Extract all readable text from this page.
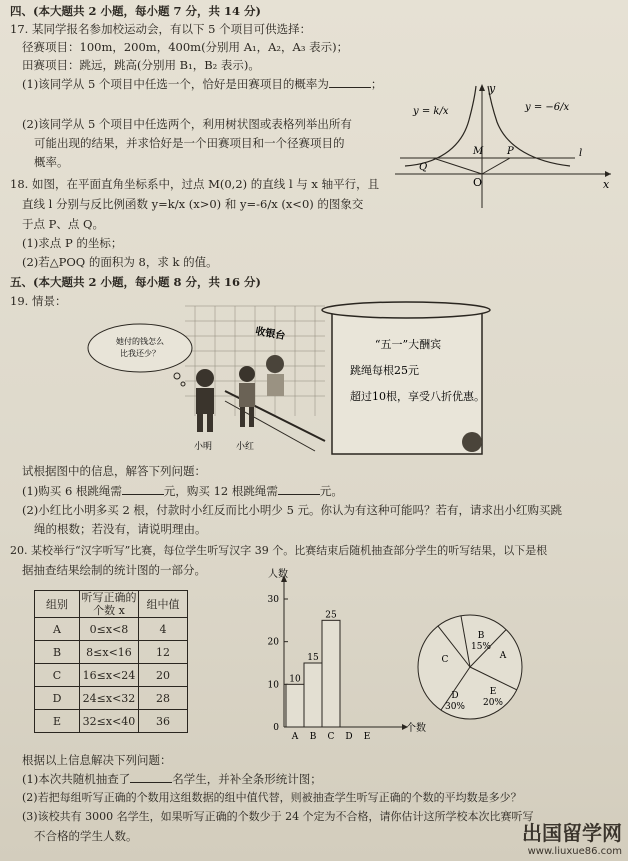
四、(本大题共 2 小题，每小题 7 分，共 14 分)
17. 某同学报名参加校运动会，有以下 5 个项目可供选择：
径赛项目：100m，200m，400m(分别用 A₁，A₂，A₃ 表示)；
田赛项目：跳远，跳高(分别用 B₁，B₂ 表示)。
(1)该同学从 5 个项目中任选一个，恰好是田赛项目的概率为	；
(2)该同学从 5 个项目中任选两个，利用树状图或表格列举出所有
可能出现的结果，并求恰好是一个田赛项目和一个径赛项目的
概率。
18. 如图，在平面直角坐标系中，过点 M(0,2) 的直线 l 与 x 轴平行，且
直线 l 分别与反比例函数 y=k/x (x>0) 和 y=-6/x (x<0) 的图象交
于点 P、点 Q。
(1)求点 P 的坐标；
(2)若△POQ 的面积为 8，求 k 的值。
y
x
O
M P
Q
l
y = k/x	y = −6/x
五、(本大题共 2 小题，每小题 8 分，共 16 分)
19. 情景：
她付的钱怎么
比我还少？
收银台
小明	小红
“五一”大酬宾
跳绳每根25元
超过10根，享受八折优惠。
试根据图中的信息，解答下列问题：
(1)购买 6 根跳绳需	元，购买 12 根跳绳需	元。
(2)小红比小明多买 2 根，付款时小红反而比小明少 5 元。你认为有这种可能吗？若有，请求出小红购买跳
绳的根数；若没有，请说明理由。
20. 某校举行“汉字听写”比赛，每位学生听写汉字 39 个。比赛结束后随机抽查部分学生的听写结果，以下是根
据抽查结果绘制的统计图的一部分。
组别	听写正确的
个数 x	组中值
A	0≤x<8	4
B	8≤x<16	12
C	16≤x<24	20
D	24≤x<32	28
E	32≤x<40	36
人数
个数
0
10
20
30
A
10
B
15
C
25
D E
A
B
15%
C
D
30%
E
20%
根据以上信息解决下列问题：
(1)本次共随机抽查了	名学生，并补全条形统计图；
(2)若把每组听写正确的个数用这组数据的组中值代替，则被抽查学生听写正确的个数的平均数是多少？
(3)该校共有 3000 名学生，如果听写正确的个数少于 24 个定为不合格，请你估计这所学校本次比赛听写
不合格的学生人数。	出国留学网
www.liuxue86.com
